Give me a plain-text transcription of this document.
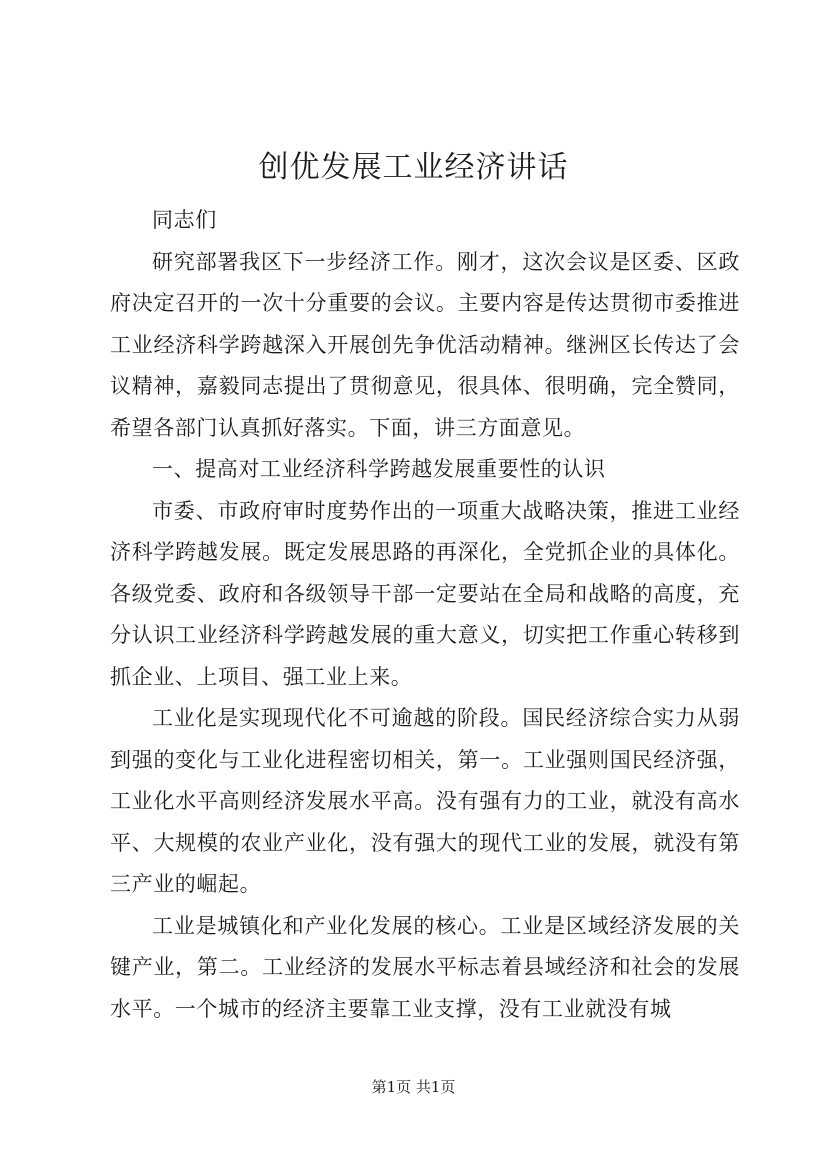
创优发展工业经济讲话

同志们

研究部署我区下一步经济工作。刚才，这次会议是区委、区政府决定召开的一次十分重要的会议。主要内容是传达贯彻市委推进工业经济科学跨越深入开展创先争优活动精神。继洲区长传达了会议精神，嘉毅同志提出了贯彻意见，很具体、很明确，完全赞同，希望各部门认真抓好落实。下面，讲三方面意见。

一、提高对工业经济科学跨越发展重要性的认识

市委、市政府审时度势作出的一项重大战略决策，推进工业经济科学跨越发展。既定发展思路的再深化，全党抓企业的具体化。各级党委、政府和各级领导干部一定要站在全局和战略的高度，充分认识工业经济科学跨越发展的重大意义，切实把工作重心转移到抓企业、上项目、强工业上来。

工业化是实现现代化不可逾越的阶段。国民经济综合实力从弱到强的变化与工业化进程密切相关，第一。工业强则国民经济强，工业化水平高则经济发展水平高。没有强有力的工业，就没有高水平、大规模的农业产业化，没有强大的现代工业的发展，就没有第三产业的崛起。

工业是城镇化和产业化发展的核心。工业是区域经济发展的关键产业，第二。工业经济的发展水平标志着县域经济和社会的发展水平。一个城市的经济主要靠工业支撑，没有工业就没有城

第1页 共1页
